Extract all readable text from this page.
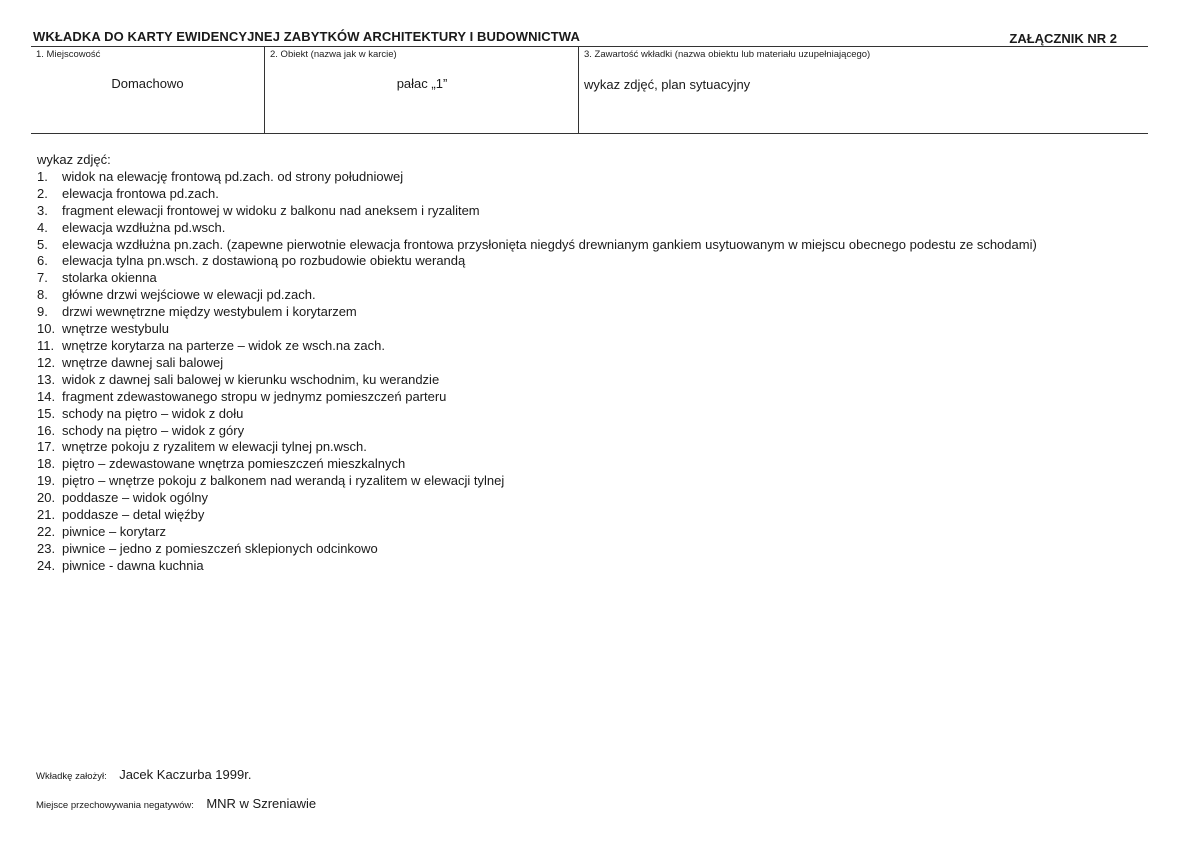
WKŁADKA DO KARTY EWIDENCYJNEJ ZABYTKÓW ARCHITEKTURY I BUDOWNICTWA	ZAŁĄCZNIK NR 2
1. Miejscowość
Domachowo
2. Obiekt (nazwa jak w karcie)
pałac „1”
3. Zawartość wkładki (nazwa obiektu lub materiału uzupełniającego)
wykaz zdjęć, plan sytuacyjny
wykaz zdjęć:
1.	widok na elewację frontową pd.zach. od strony południowej
2.	elewacja frontowa pd.zach.
3.	fragment elewacji frontowej w widoku z balkonu nad aneksem i ryzalitem
4.	elewacja wzdłużna pd.wsch.
5.	elewacja wzdłużna pn.zach. (zapewne pierwotnie elewacja frontowa przysłonięta niegdyś drewnianym gankiem usytuowanym w miejscu obecnego podestu ze schodami)
6.	elewacja tylna pn.wsch. z dostawioną po rozbudowie obiektu werandą
7.	stolarka okienna
8.	główne drzwi wejściowe w elewacji pd.zach.
9.	drzwi wewnętrzne między westybulem i korytarzem
10. wnętrze westybulu
11. wnętrze korytarza na parterze – widok ze wsch.na zach.
12. wnętrze dawnej sali balowej
13. widok z dawnej sali balowej w kierunku wschodnim, ku werandzie
14. fragment zdewastowanego stropu w jednymz pomieszczeń parteru
15. schody na piętro – widok z dołu
16. schody na piętro – widok z góry
17. wnętrze pokoju z ryzalitem w elewacji tylnej pn.wsch.
18. piętro – zdewastowane wnętrza pomieszczeń mieszkalnych
19. piętro – wnętrze pokoju z balkonem nad werandą i ryzalitem w elewacji tylnej
20. poddasze – widok ogólny
21. poddasze – detal więźby
22. piwnice – korytarz
23. piwnice – jedno z pomieszczeń sklepionych odcinkowo
24. piwnice - dawna kuchnia
Wkładkę założył: Jacek Kaczurba 1999r.
Miejsce przechowywania negatywów: MNR w Szreniawie
